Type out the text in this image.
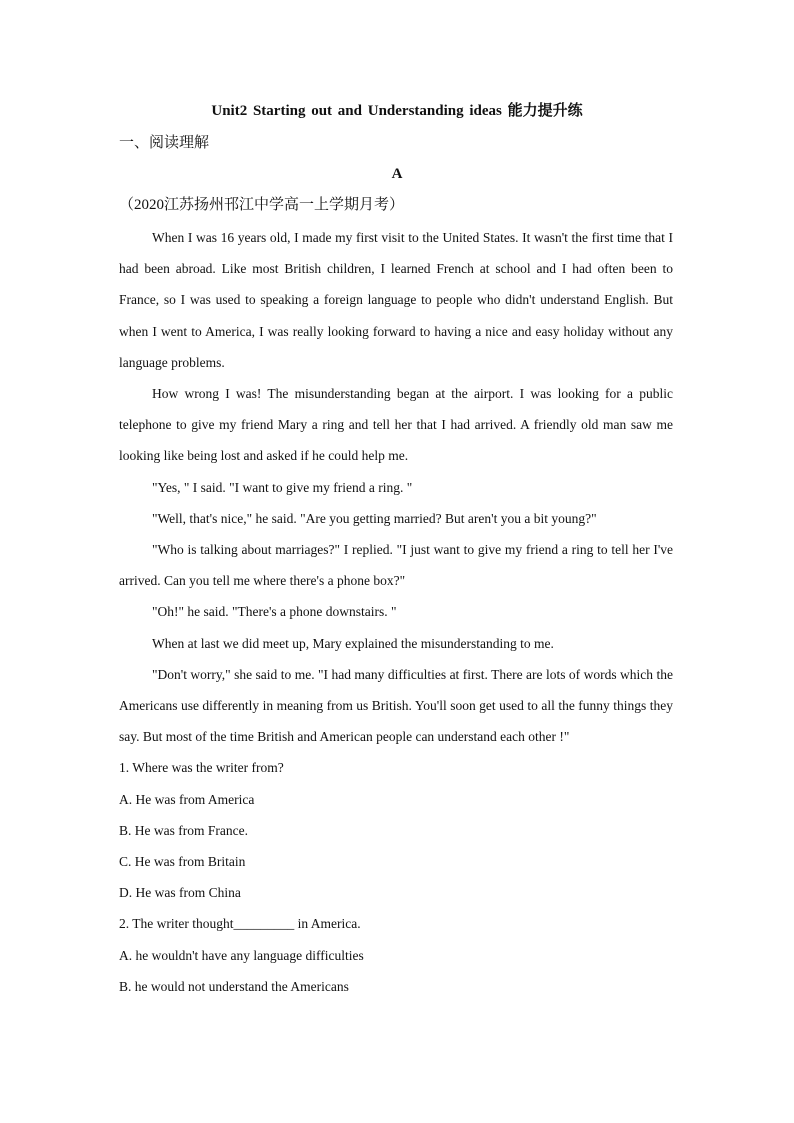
Unit2 Starting out and Understanding ideas 能力提升练
一、阅读理解
A
（2020江苏扬州邗江中学高一上学期月考）

When I was 16 years old, I made my first visit to the United States. It wasn't the first time that I had been abroad. Like most British children, I learned French at school and I had often been to France, so I was used to speaking a foreign language to people who didn't understand English. But when I went to America, I was really looking forward to having a nice and easy holiday without any language problems.

How wrong I was! The misunderstanding began at the airport. I was looking for a public telephone to give my friend Mary a ring and tell her that I had arrived. A friendly old man saw me looking like being lost and asked if he could help me.

"Yes, " I said. "I want to give my friend a ring. "

"Well, that's nice," he said. "Are you getting married? But aren't you a bit young?"

"Who is talking about marriages?" I replied. "I just want to give my friend a ring to tell her I've arrived. Can you tell me where there's a phone box?"

"Oh!" he said. "There's a phone downstairs. "

When at last we did meet up, Mary explained the misunderstanding to me.

"Don't worry," she said to me. "I had many difficulties at first. There are lots of words which the Americans use differently in meaning from us British. You'll soon get used to all the funny things they say. But most of the time British and American people can understand each other !"

1. Where was the writer from?

A. He was from America

B. He was from France.

C. He was from Britain

D. He was from China

2. The writer thought_________ in America.

A. he wouldn't have any language difficulties

B. he would not understand the Americans
